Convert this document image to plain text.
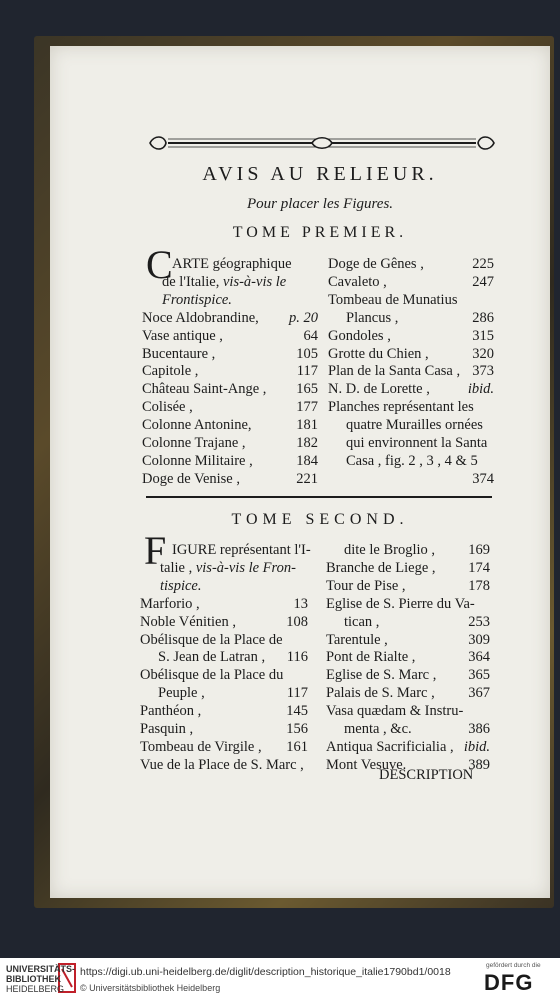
AVIS AU RELIEUR.
Pour placer les Figures.
TOME PREMIER.
C ARTE géographique
de l'Italie, vis-à-vis le
Frontispice.
Noce Aldobrandine, p. 20
Vase antique ,	64
Bucentaure ,	105
Capitole ,	117
Château Saint-Ange , 165
Colisée ,	177
Colonne Antonine,	181
Colonne Trajane ,	182
Colonne Militaire ,	184
Doge de Venise ,	221
Doge de Gênes ,	225
Cavaleto ,	247
Tombeau de Munatius
Plancus ,	286
Gondoles ,	315
Grotte du Chien ,	320
Plan de la Santa Casa , 373
N. D. de Lorette ,	ibid.
Planches représentant les
quatre Murailles ornées
qui environnent la Santa
Casa , fig. 2 , 3 , 4 & 5
374
TOME SECOND.
F IGURE représentant l'I-
talie , vis-à-vis le Fron-
tispice.
Marforio ,	13
Noble Vénitien ,	108
Obélisque de la Place de
S. Jean de Latran , 116
Obélisque de la Place du
Peuple ,	117
Panthéon ,	145
Pasquin ,	156
Tombeau de Virgile , 161
Vue de la Place de S. Marc ,
dite le Broglio , 169
Branche de Liege , 174
Tour de Pise ,	178
Eglise de S. Pierre du Va-
tican ,	253
Tarentule ,	309
Pont de Rialte ,	364
Eglise de S. Marc , 365
Palais de S. Marc , 367
Vasa quædam & Instru-
menta , &c.	386
Antiqua Sacrificialia , ibid.
Mont Vesuve.	389
DESCRIPTION
UNIVERSITÄTS-
BIBLIOTHEK
HEIDELBERG
https://digi.ub.uni-heidelberg.de/diglit/description_historique_italie1790bd1/0018
© Universitätsbibliothek Heidelberg
gefördert durch die
DFG
